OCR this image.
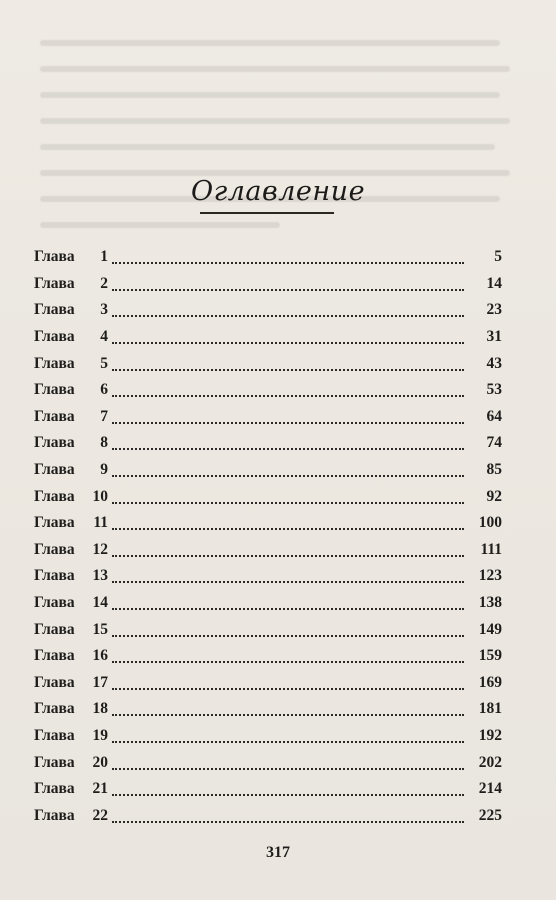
Оглавление
Глава	1	5
Глава	2	14
Глава	3	23
Глава	4	31
Глава	5	43
Глава	6	53
Глава	7	64
Глава	8	74
Глава	9	85
Глава	10	92
Глава	11	100
Глава	12	111
Глава	13	123
Глава	14	138
Глава	15	149
Глава	16	159
Глава	17	169
Глава	18	181
Глава	19	192
Глава	20	202
Глава	21	214
Глава	22	225
317
